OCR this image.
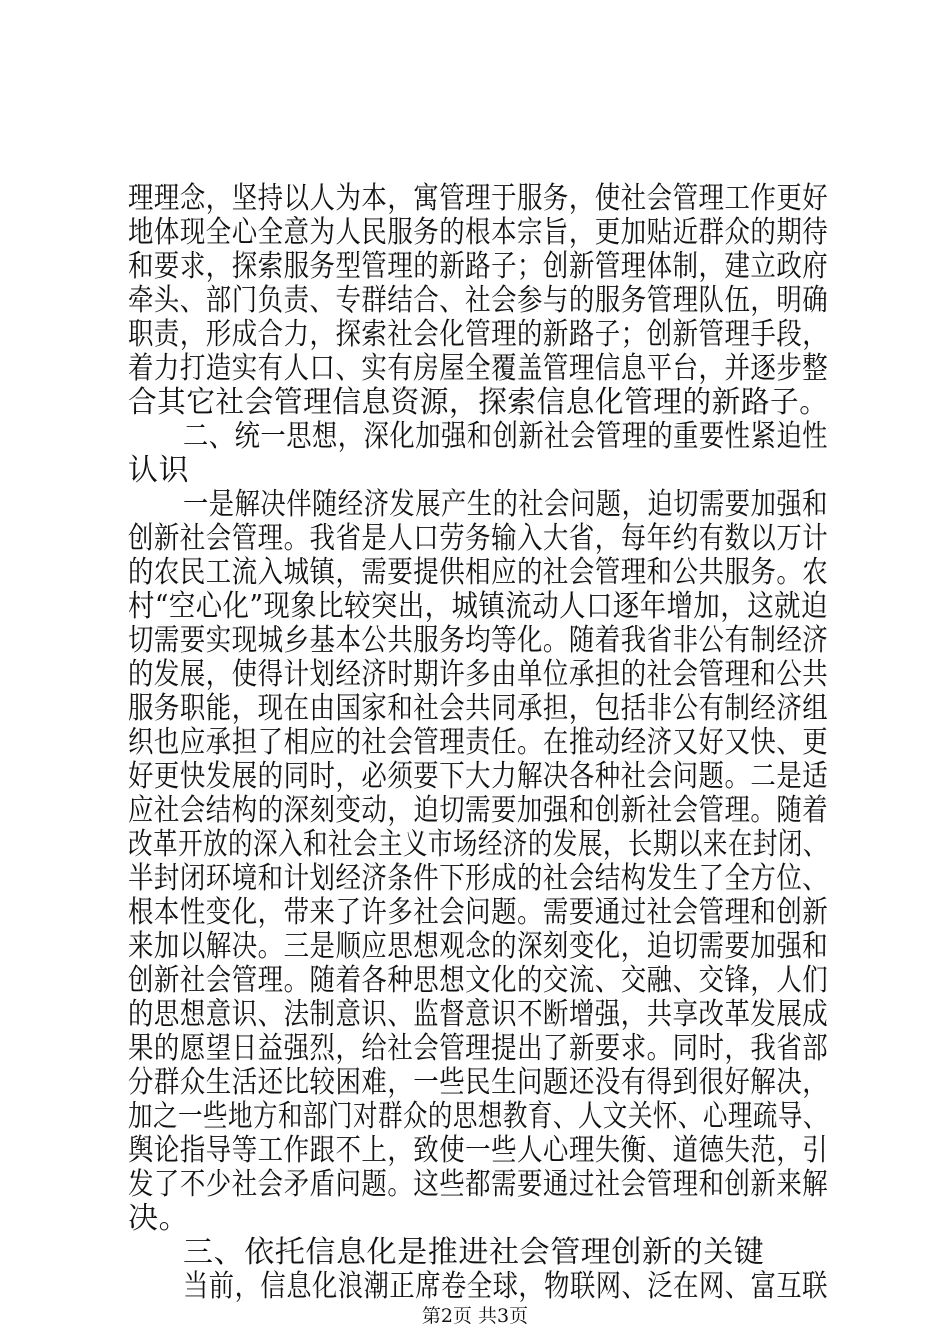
理理念，坚持以人为本，寓管理于服务，使社会管理工作更好
地体现全心全意为人民服务的根本宗旨，更加贴近群众的期待
和要求，探索服务型管理的新路子；创新管理体制，建立政府
牵头、部门负责、专群结合、社会参与的服务管理队伍，明确
职责，形成合力，探索社会化管理的新路子；创新管理手段，
着力打造实有人口、实有房屋全覆盖管理信息平台，并逐步整
合其它社会管理信息资源，探索信息化管理的新路子。
二、统一思想，深化加强和创新社会管理的重要性紧迫性
认识
一是解决伴随经济发展产生的社会问题，迫切需要加强和
创新社会管理。我省是人口劳务输入大省，每年约有数以万计
的农民工流入城镇，需要提供相应的社会管理和公共服务。农
村“空心化”现象比较突出，城镇流动人口逐年增加，这就迫
切需要实现城乡基本公共服务均等化。随着我省非公有制经济
的发展，使得计划经济时期许多由单位承担的社会管理和公共
服务职能，现在由国家和社会共同承担，包括非公有制经济组
织也应承担了相应的社会管理责任。在推动经济又好又快、更
好更快发展的同时，必须要下大力解决各种社会问题。二是适
应社会结构的深刻变动，迫切需要加强和创新社会管理。随着
改革开放的深入和社会主义市场经济的发展，长期以来在封闭、
半封闭环境和计划经济条件下形成的社会结构发生了全方位、
根本性变化，带来了许多社会问题。需要通过社会管理和创新
来加以解决。三是顺应思想观念的深刻变化，迫切需要加强和
创新社会管理。随着各种思想文化的交流、交融、交锋，人们
的思想意识、法制意识、监督意识不断增强，共享改革发展成
果的愿望日益强烈，给社会管理提出了新要求。同时，我省部
分群众生活还比较困难，一些民生问题还没有得到很好解决，
加之一些地方和部门对群众的思想教育、人文关怀、心理疏导、
舆论指导等工作跟不上，致使一些人心理失衡、道德失范，引
发了不少社会矛盾问题。这些都需要通过社会管理和创新来解
决。
三、依托信息化是推进社会管理创新的关键
当前，信息化浪潮正席卷全球，物联网、泛在网、富互联
第2页 共3页
